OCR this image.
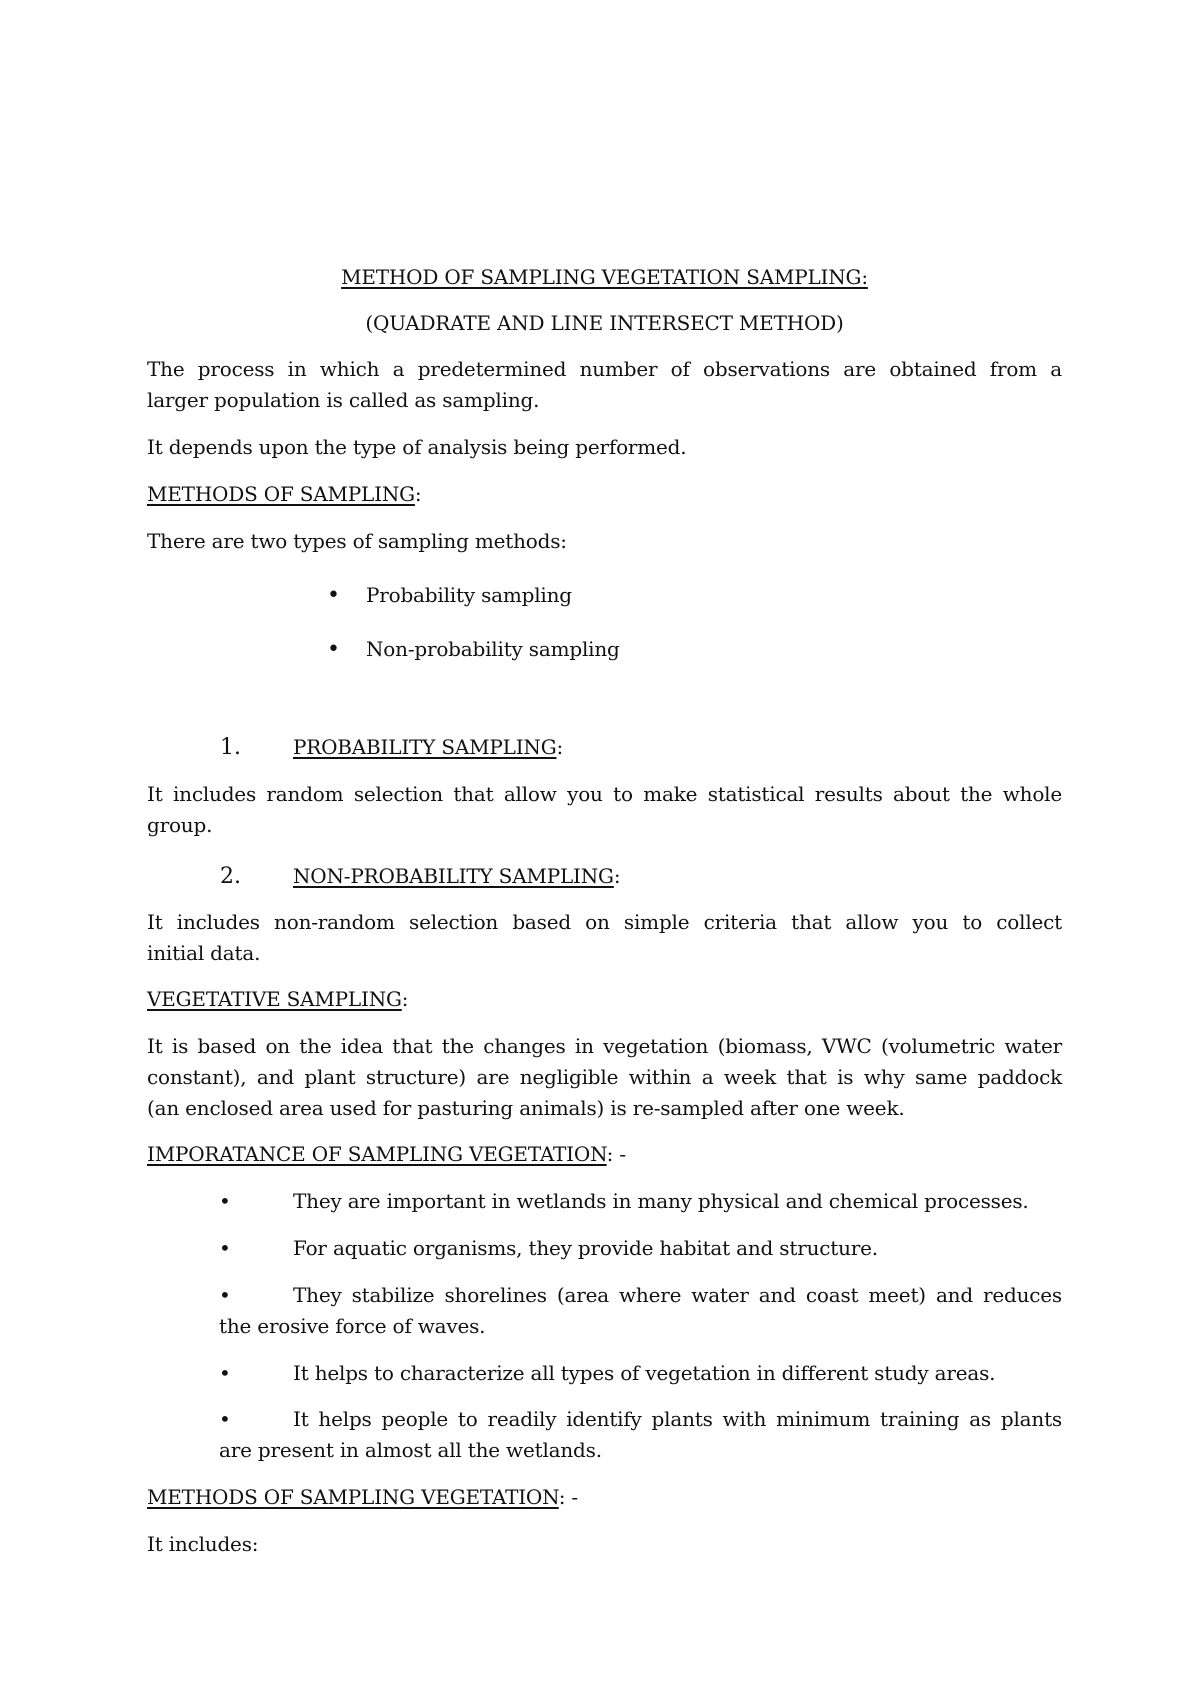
METHOD OF SAMPLING VEGETATION SAMPLING:
(QUADRATE AND LINE INTERSECT METHOD)
The process in which a predetermined number of observations are obtained from a
larger population is called as sampling.
It depends upon the type of analysis being performed.
METHODS OF SAMPLING:
There are two types of sampling methods:
• Probability sampling
• Non-probability sampling
1.	PROBABILITY SAMPLING:
It includes random selection that allow you to make statistical results about the whole
group.
2.	NON-PROBABILITY SAMPLING:
It includes non-random selection based on simple criteria that allow you to collect
initial data.
VEGETATIVE SAMPLING:
It is based on the idea that the changes in vegetation (biomass, VWC (volumetric water
constant), and plant structure) are negligible within a week that is why same paddock
(an enclosed area used for pasturing animals) is re-sampled after one week.
IMPORATANCE OF SAMPLING VEGETATION: -
•	They are important in wetlands in many physical and chemical processes.
•	For aquatic organisms, they provide habitat and structure.
•	They stabilize shorelines (area where water and coast meet) and reduces
the erosive force of waves.
•	It helps to characterize all types of vegetation in different study areas.
•	It helps people to readily identify plants with minimum training as plants
are present in almost all the wetlands.
METHODS OF SAMPLING VEGETATION: -
It includes:
